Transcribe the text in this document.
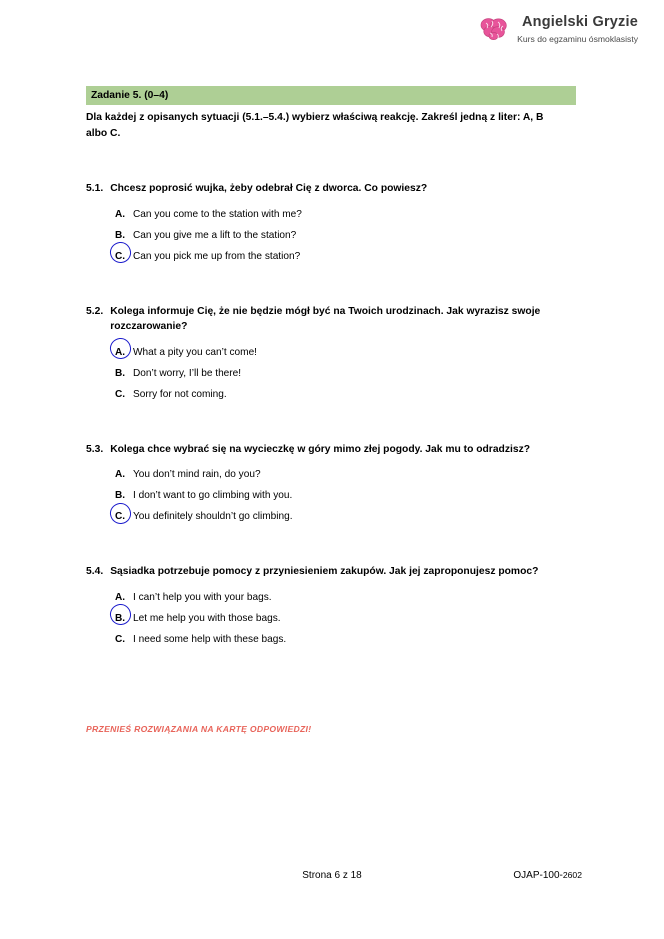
Angielski Gryzie
Kurs do egzaminu ósmoklasisty
Zadanie 5. (0–4)
Dla każdej z opisanych sytuacji (5.1.–5.4.) wybierz właściwą reakcję. Zakreśl jedną z liter: A, B albo C.
5.1. Chcesz poprosić wujka, żeby odebrał Cię z dworca. Co powiesz?
A. Can you come to the station with me?
B. Can you give me a lift to the station?
C. Can you pick me up from the station?
5.2. Kolega informuje Cię, że nie będzie mógł być na Twoich urodzinach. Jak wyrazisz swoje rozczarowanie?
A. What a pity you can’t come!
B. Don’t worry, I’ll be there!
C. Sorry for not coming.
5.3. Kolega chce wybrać się na wycieczkę w góry mimo złej pogody. Jak mu to odradzisz?
A. You don’t mind rain, do you?
B. I don’t want to go climbing with you.
C. You definitely shouldn’t go climbing.
5.4. Sąsiadka potrzebuje pomocy z przyniesieniem zakupów. Jak jej zaproponujesz pomoc?
A. I can’t help you with your bags.
B. Let me help you with those bags.
C. I need some help with these bags.
PRZENIEŚ ROZWIĄZANIA NA KARTĘ ODPOWIEDZI!
Strona 6 z 18	OJAP-100-2602
